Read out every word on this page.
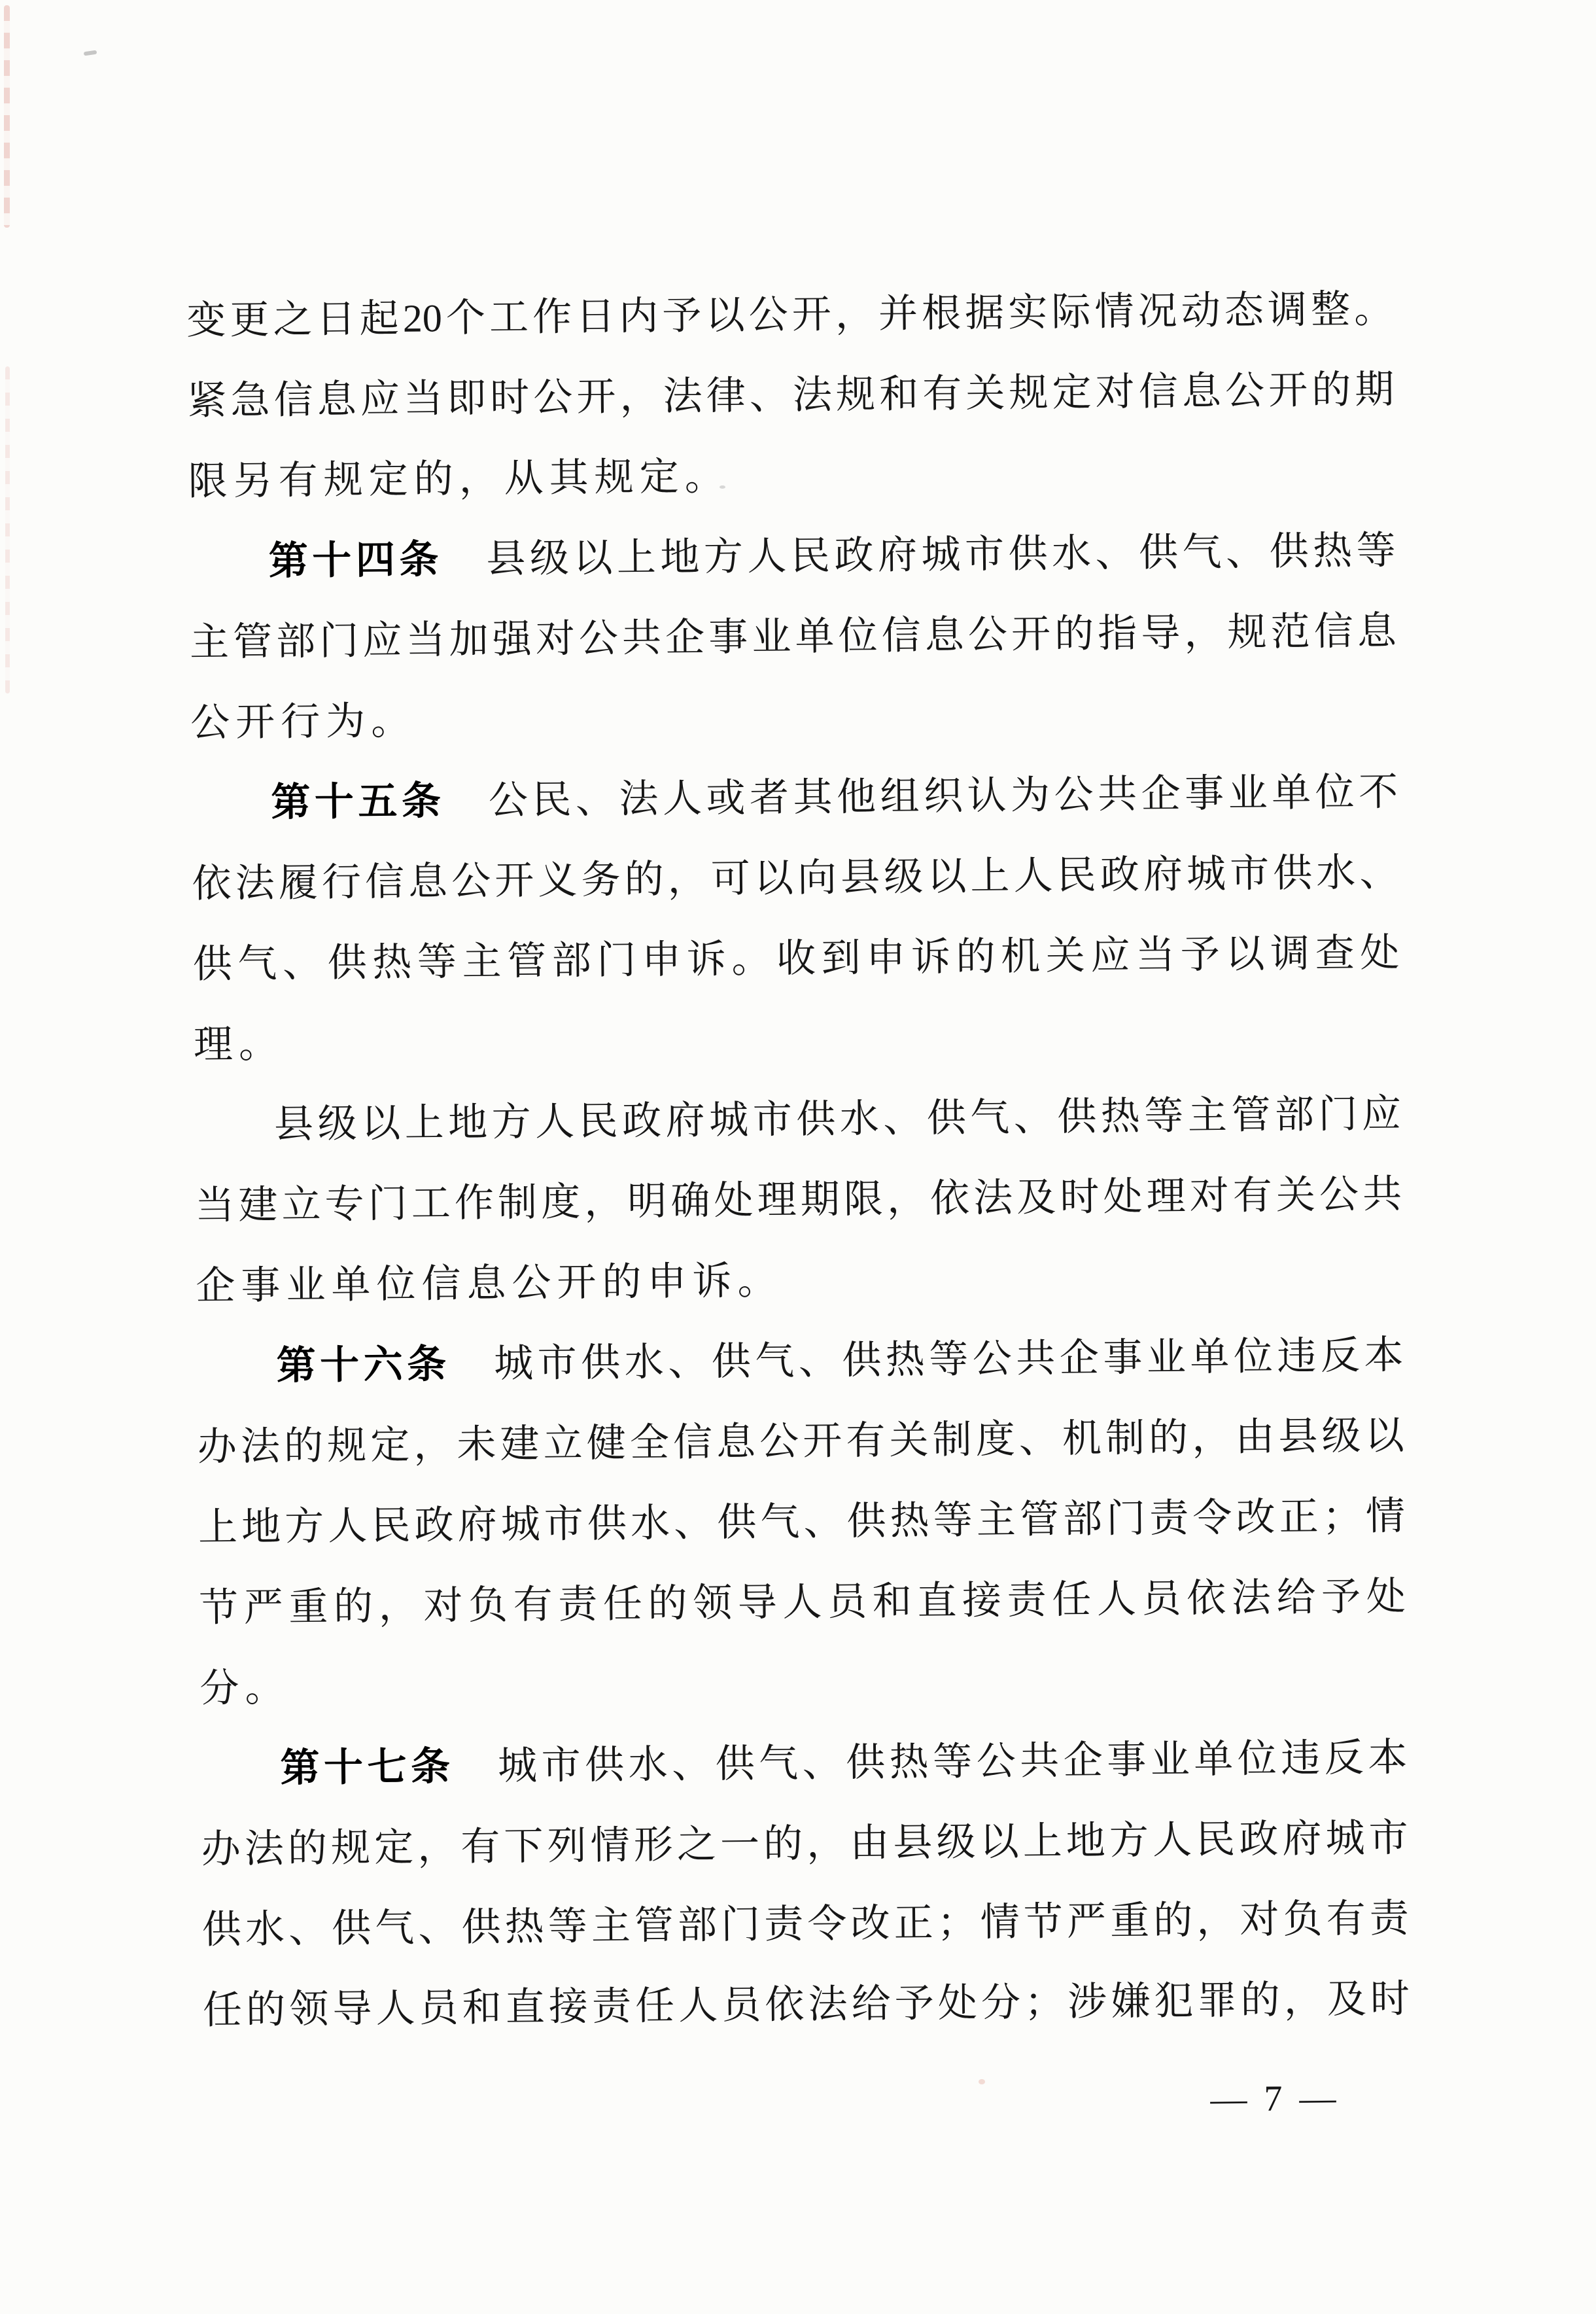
变 更 之 日 起 20 个 工 作 日 内 予 以 公 开 ， 并 根 据 实 际 情 况 动 态 调 整 。
紧 急 信 息 应 当 即 时 公 开 ， 法 律 、 法 规 和 有 关 规 定 对 信 息 公 开 的 期
限 另 有 规 定 的 ， 从 其 规 定 。
第 十 四 条
　 县 级 以 上 地 方 人 民 政 府 城 市 供 水 、 供 气 、 供 热 等
主 管 部 门 应 当 加 强 对 公 共 企 事 业 单 位 信 息 公 开 的 指 导 ， 规 范 信 息
公 开 行 为 。
第 十 五 条
　 公 民 、 法 人 或 者 其 他 组 织 认 为 公 共 企 事 业 单 位 不
依 法 履 行 信 息 公 开 义 务 的 ， 可 以 向 县 级 以 上 人 民 政 府 城 市 供 水 、
供 气 、 供 热 等 主 管 部 门 申 诉 。 收 到 申 诉 的 机 关 应 当 予 以 调 查 处
理 。
县 级 以 上 地 方 人 民 政 府 城 市 供 水 、 供 气 、 供 热 等 主 管 部 门 应
当 建 立 专 门 工 作 制 度 ， 明 确 处 理 期 限 ， 依 法 及 时 处 理 对 有 关 公 共
企 事 业 单 位 信 息 公 开 的 申 诉 。
第 十 六 条
　 城 市 供 水 、 供 气 、 供 热 等 公 共 企 事 业 单 位 违 反 本
办 法 的 规 定 ， 未 建 立 健 全 信 息 公 开 有 关 制 度 、 机 制 的 ， 由 县 级 以
上 地 方 人 民 政 府 城 市 供 水 、 供 气 、 供 热 等 主 管 部 门 责 令 改 正 ； 情
节 严 重 的 ， 对 负 有 责 任 的 领 导 人 员 和 直 接 责 任 人 员 依 法 给 予 处
分 。
第 十 七 条
　 城 市 供 水 、 供 气 、 供 热 等 公 共 企 事 业 单 位 违 反 本
办 法 的 规 定 ， 有 下 列 情 形 之 一 的 ， 由 县 级 以 上 地 方 人 民 政 府 城 市
供 水 、 供 气 、 供 热 等 主 管 部 门 责 令 改 正 ； 情 节 严 重 的 ， 对 负 有 责
任 的 领 导 人 员 和 直 接 责 任 人 员 依 法 给 予 处 分 ； 涉 嫌 犯 罪 的 ， 及 时
— 7 —
